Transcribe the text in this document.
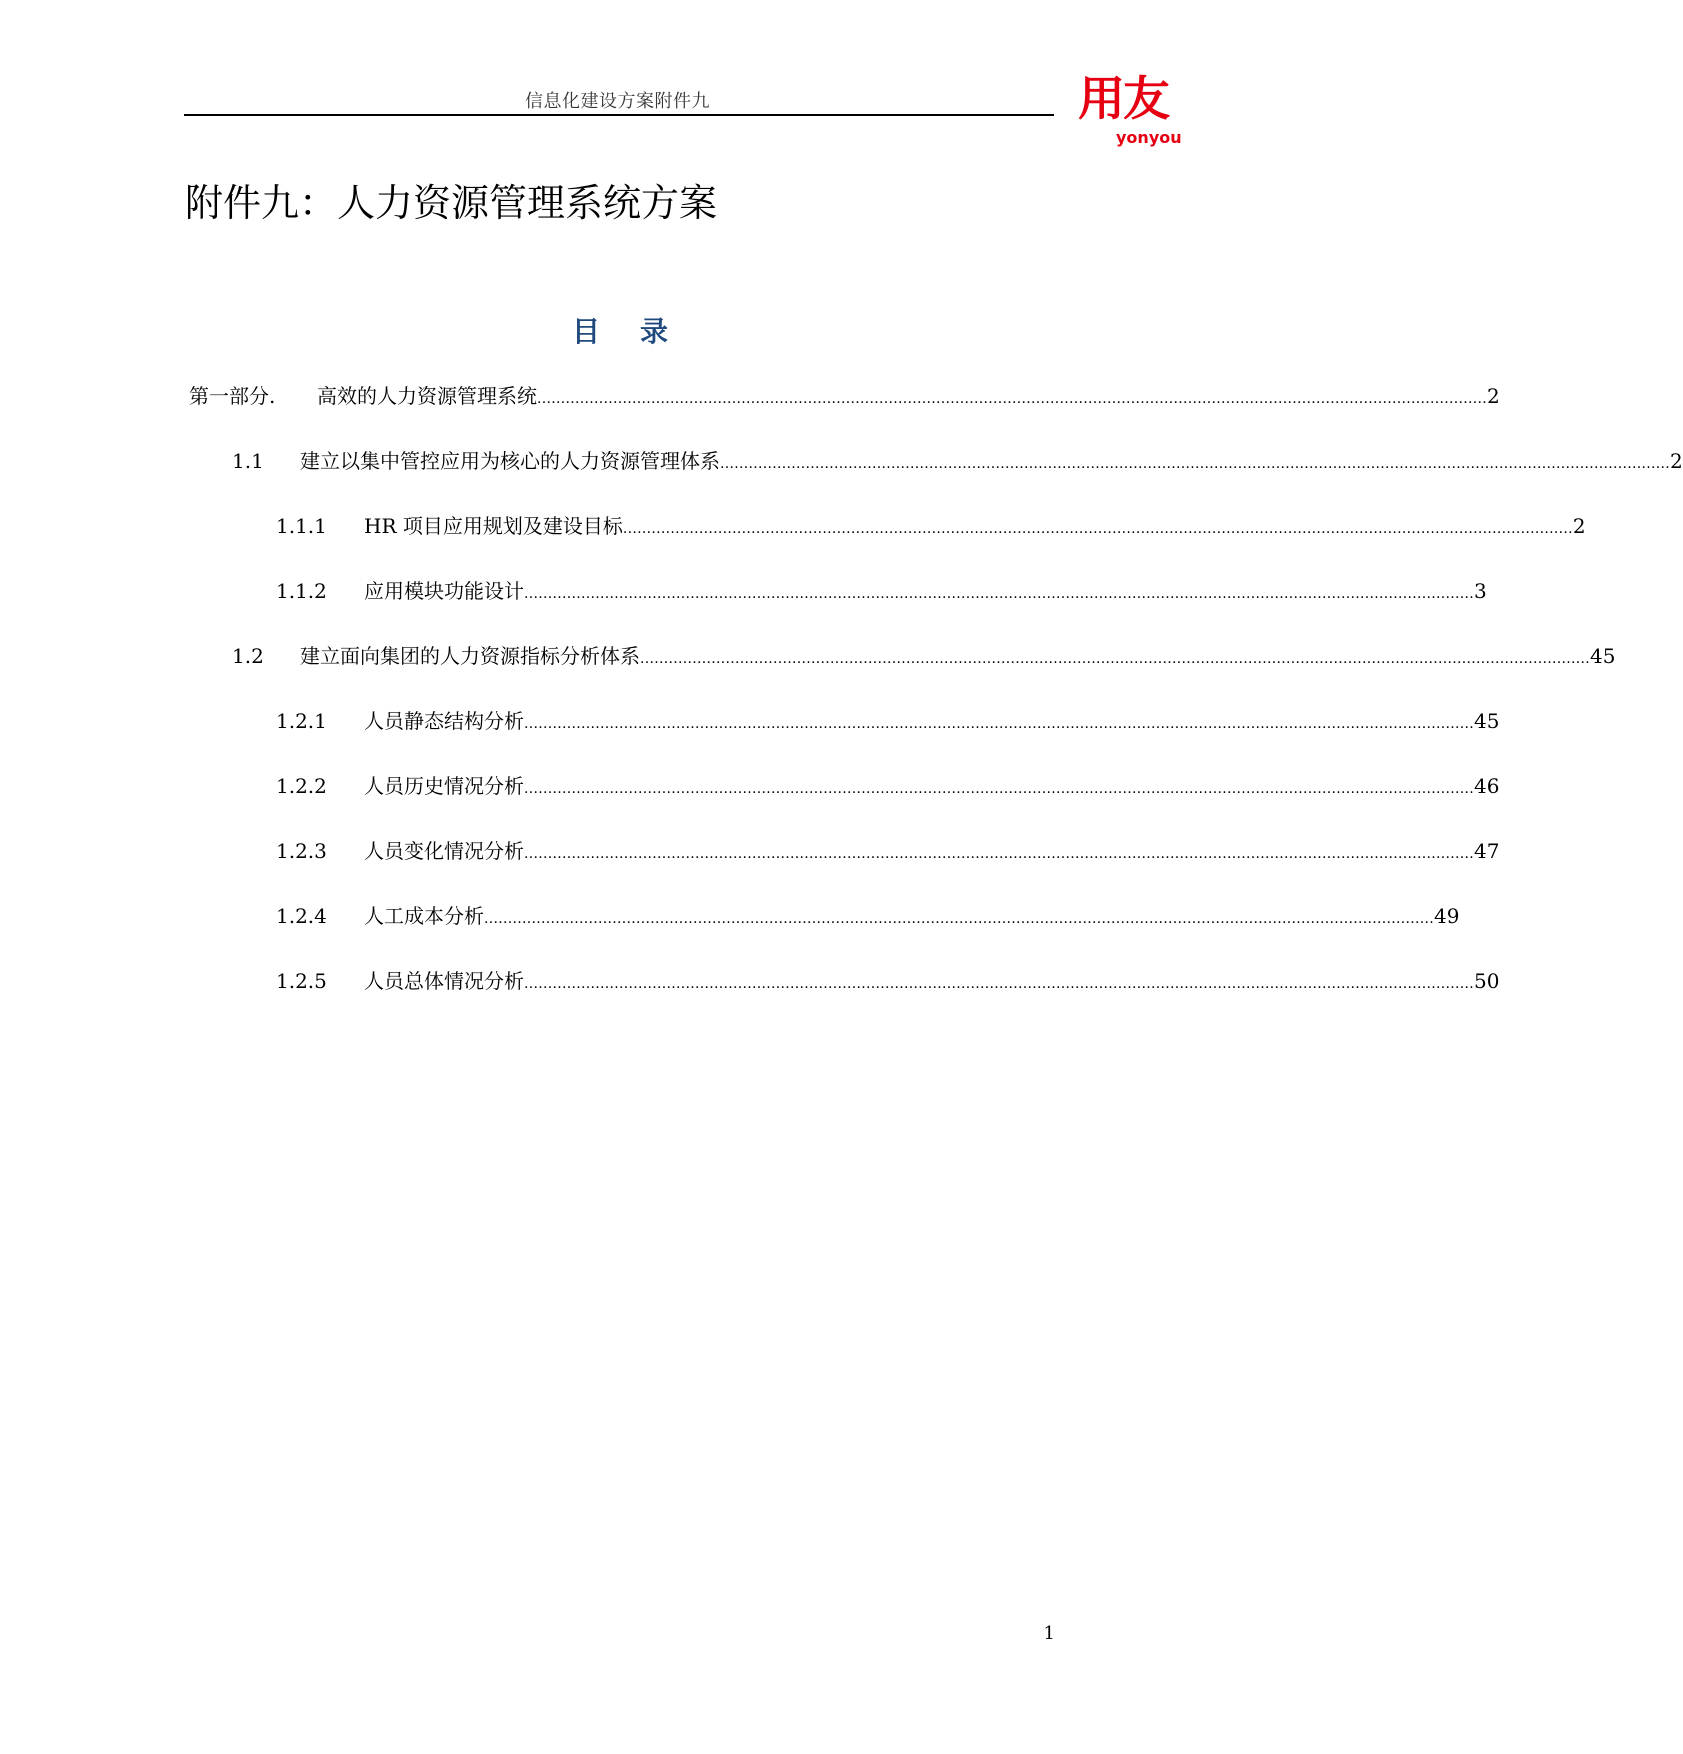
信息化建设方案附件九	用友
yonyou
附件九：人力资源管理系统方案
目录
第一部分.	高效的人力资源管理系统 ........................................................................................................................................................................................................ 2
1.1	建立以集中管控应用为核心的人力资源管理体系 ........................................................................................................................................................................................................ 2
1.1.1	HR 项目应用规划及建设目标 ........................................................................................................................................................................................................ 2
1.1.2	应用模块功能设计 ........................................................................................................................................................................................................ 3
1.2	建立面向集团的人力资源指标分析体系 ........................................................................................................................................................................................................ 45
1.2.1	人员静态结构分析 ........................................................................................................................................................................................................ 45
1.2.2	人员历史情况分析 ........................................................................................................................................................................................................ 46
1.2.3	人员变化情况分析 ........................................................................................................................................................................................................ 47
1.2.4	人工成本分析 ........................................................................................................................................................................................................ 49
1.2.5	人员总体情况分析 ........................................................................................................................................................................................................ 50
1
